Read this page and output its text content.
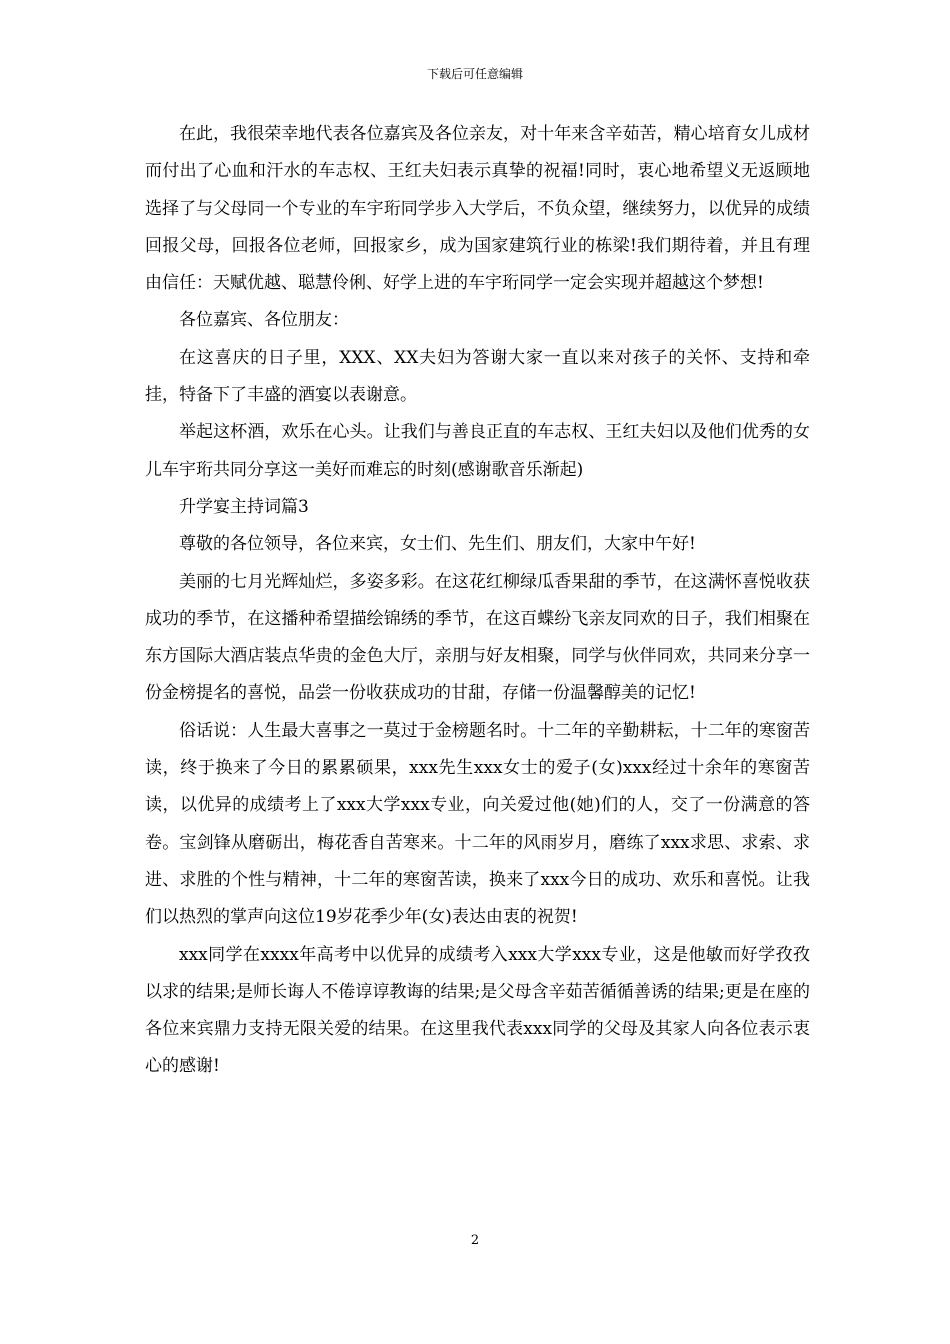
下载后可任意编辑

在此，我很荣幸地代表各位嘉宾及各位亲友，对十年来含辛茹苦，精心培育女儿成材而付出了心血和汗水的车志权、王红夫妇表示真挚的祝福!同时，衷心地希望义无返顾地选择了与父母同一个专业的车宇珩同学步入大学后，不负众望，继续努力，以优异的成绩回报父母，回报各位老师，回报家乡，成为国家建筑行业的栋梁!我们期待着，并且有理由信任：天赋优越、聪慧伶俐、好学上进的车宇珩同学一定会实现并超越这个梦想!

各位嘉宾、各位朋友：

在这喜庆的日子里，XXX、XX夫妇为答谢大家一直以来对孩子的关怀、支持和牵挂，特备下了丰盛的酒宴以表谢意。

举起这杯酒，欢乐在心头。让我们与善良正直的车志权、王红夫妇以及他们优秀的女儿车宇珩共同分享这一美好而难忘的时刻(感谢歌音乐渐起)

升学宴主持词篇3

尊敬的各位领导，各位来宾，女士们、先生们、朋友们，大家中午好!

美丽的七月光辉灿烂，多姿多彩。在这花红柳绿瓜香果甜的季节，在这满怀喜悦收获成功的季节，在这播种希望描绘锦绣的季节，在这百蝶纷飞亲友同欢的日子，我们相聚在东方国际大酒店装点华贵的金色大厅，亲朋与好友相聚，同学与伙伴同欢，共同来分享一份金榜提名的喜悦，品尝一份收获成功的甘甜，存储一份温馨醇美的记忆!

俗话说：人生最大喜事之一莫过于金榜题名时。十二年的辛勤耕耘，十二年的寒窗苦读，终于换来了今日的累累硕果，xxx先生xxx女士的爱子(女)xxx经过十余年的寒窗苦读，以优异的成绩考上了xxx大学xxx专业，向关爱过他(她)们的人，交了一份满意的答卷。宝剑锋从磨砺出，梅花香自苦寒来。十二年的风雨岁月，磨练了xxx求思、求索、求进、求胜的个性与精神，十二年的寒窗苦读，换来了xxx今日的成功、欢乐和喜悦。让我们以热烈的掌声向这位19岁花季少年(女)表达由衷的祝贺!

xxx同学在xxxx年高考中以优异的成绩考入xxx大学xxx专业，这是他敏而好学孜孜以求的结果;是师长诲人不倦谆谆教诲的结果;是父母含辛茹苦循循善诱的结果;更是在座的各位来宾鼎力支持无限关爱的结果。在这里我代表xxx同学的父母及其家人向各位表示衷心的感谢!

2
